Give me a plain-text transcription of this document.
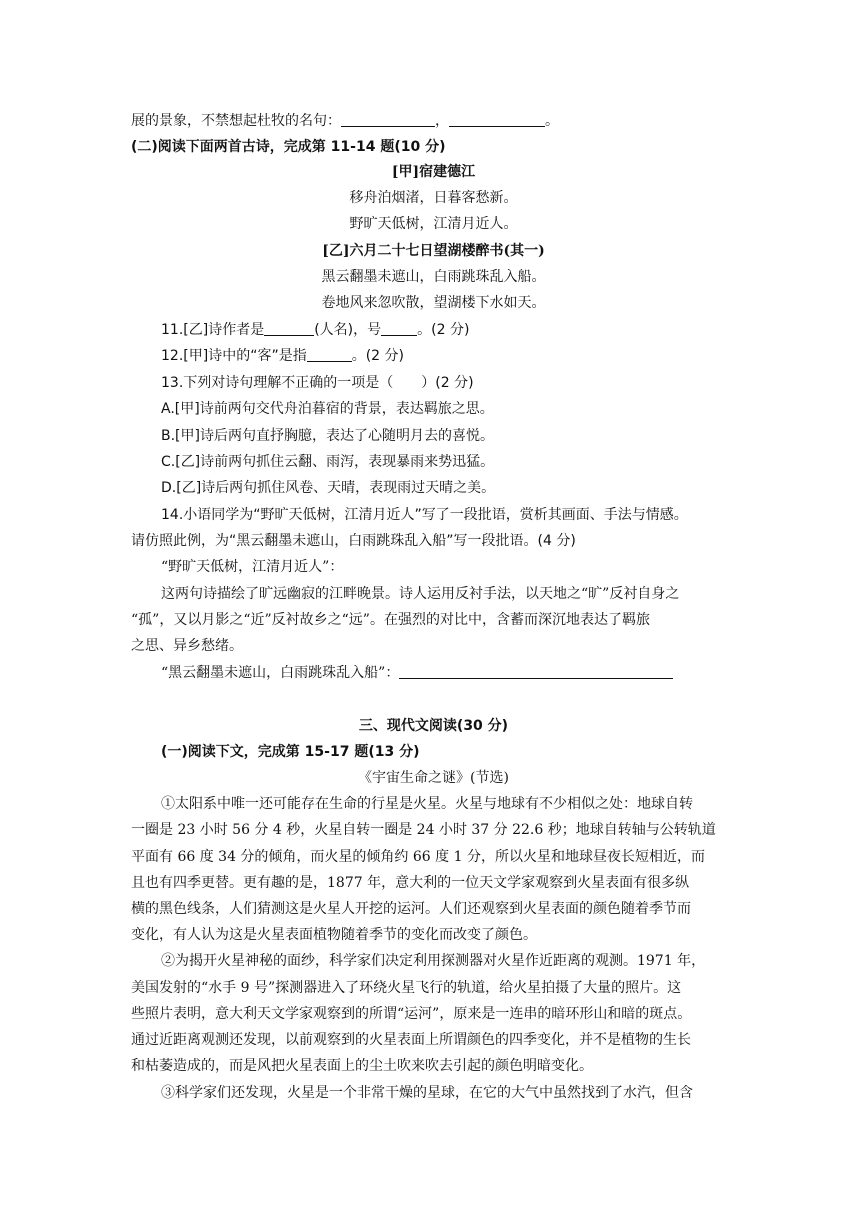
展的景象，不禁想起杜牧的名句：	，	。
(二)阅读下面两首古诗，完成第 11-14 题(10 分)
[甲]宿建德江
移舟泊烟渚，日暮客愁新。
野旷天低树，江清月近人。
[乙]六月二十七日望湖楼醉书(其一)
黑云翻墨未遮山，白雨跳珠乱入船。
卷地风来忽吹散，望湖楼下水如天。
11.[乙]诗作者是	(人名)，号	。(2 分)
12.[甲]诗中的“客”是指	。(2 分)
13.下列对诗句理解不正确的一项是（　　）(2 分)
A.[甲]诗前两句交代舟泊暮宿的背景，表达羁旅之思。
B.[甲]诗后两句直抒胸臆，表达了心随明月去的喜悦。
C.[乙]诗前两句抓住云翻、雨泻，表现暴雨来势迅猛。
D.[乙]诗后两句抓住风卷、天晴，表现雨过天晴之美。
14.小语同学为“野旷天低树，江清月近人”写了一段批语，赏析其画面、手法与情感。
请仿照此例，为“黑云翻墨未遮山，白雨跳珠乱入船”写一段批语。(4 分)
“野旷天低树，江清月近人”：
这两句诗描绘了旷远幽寂的江畔晚景。诗人运用反衬手法，以天地之“旷”反衬自身之
“孤”，又以月影之“近”反衬故乡之“远”。在强烈的对比中，含蓄而深沉地表达了羁旅
之思、异乡愁绪。
“黑云翻墨未遮山，白雨跳珠乱入船”：
三、现代文阅读(30 分)
(一)阅读下文，完成第 15-17 题(13 分)
《宇宙生命之谜》(节选)
①太阳系中唯一还可能存在生命的行星是火星。火星与地球有不少相似之处：地球自转
一圈是 23 小时 56 分 4 秒，火星自转一圈是 24 小时 37 分 22.6 秒；地球自转轴与公转轨道
平面有 66 度 34 分的倾角，而火星的倾角约 66 度 1 分，所以火星和地球昼夜长短相近，而
且也有四季更替。更有趣的是，1877 年，意大利的一位天文学家观察到火星表面有很多纵
横的黑色线条，人们猜测这是火星人开挖的运河。人们还观察到火星表面的颜色随着季节而
变化，有人认为这是火星表面植物随着季节的变化而改变了颜色。
②为揭开火星神秘的面纱，科学家们决定利用探测器对火星作近距离的观测。1971 年，
美国发射的“水手 9 号”探测器进入了环绕火星飞行的轨道，给火星拍摄了大量的照片。这
些照片表明，意大利天文学家观察到的所谓“运河”，原来是一连串的暗环形山和暗的斑点。
通过近距离观测还发现，以前观察到的火星表面上所谓颜色的四季变化，并不是植物的生长
和枯萎造成的，而是风把火星表面上的尘土吹来吹去引起的颜色明暗变化。
③科学家们还发现，火星是一个非常干燥的星球，在它的大气中虽然找到了水汽，但含
